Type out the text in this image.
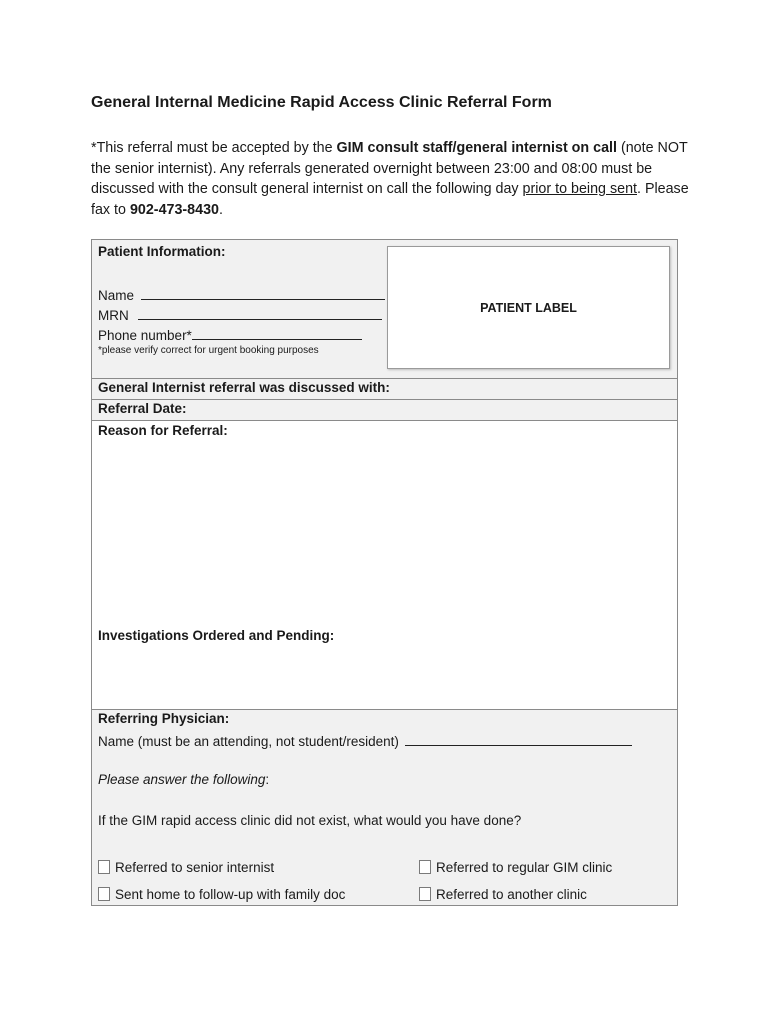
General Internal Medicine Rapid Access Clinic Referral Form
*This referral must be accepted by the GIM consult staff/general internist on call (note NOT the senior internist). Any referrals generated overnight between 23:00 and 08:00 must be discussed with the consult general internist on call the following day prior to being sent. Please fax to 902-473-8430.
Patient Information:
Name
MRN
Phone number*
*please verify correct for urgent booking purposes
PATIENT LABEL
General Internist referral was discussed with:
Referral Date:
Reason for Referral:
Investigations Ordered and Pending:
Referring Physician:
Name (must be an attending, not student/resident)
Please answer the following:
If the GIM rapid access clinic did not exist, what would you have done?
Referred to senior internist	Referred to regular GIM clinic
Sent home to follow-up with family doc	Referred to another clinic
